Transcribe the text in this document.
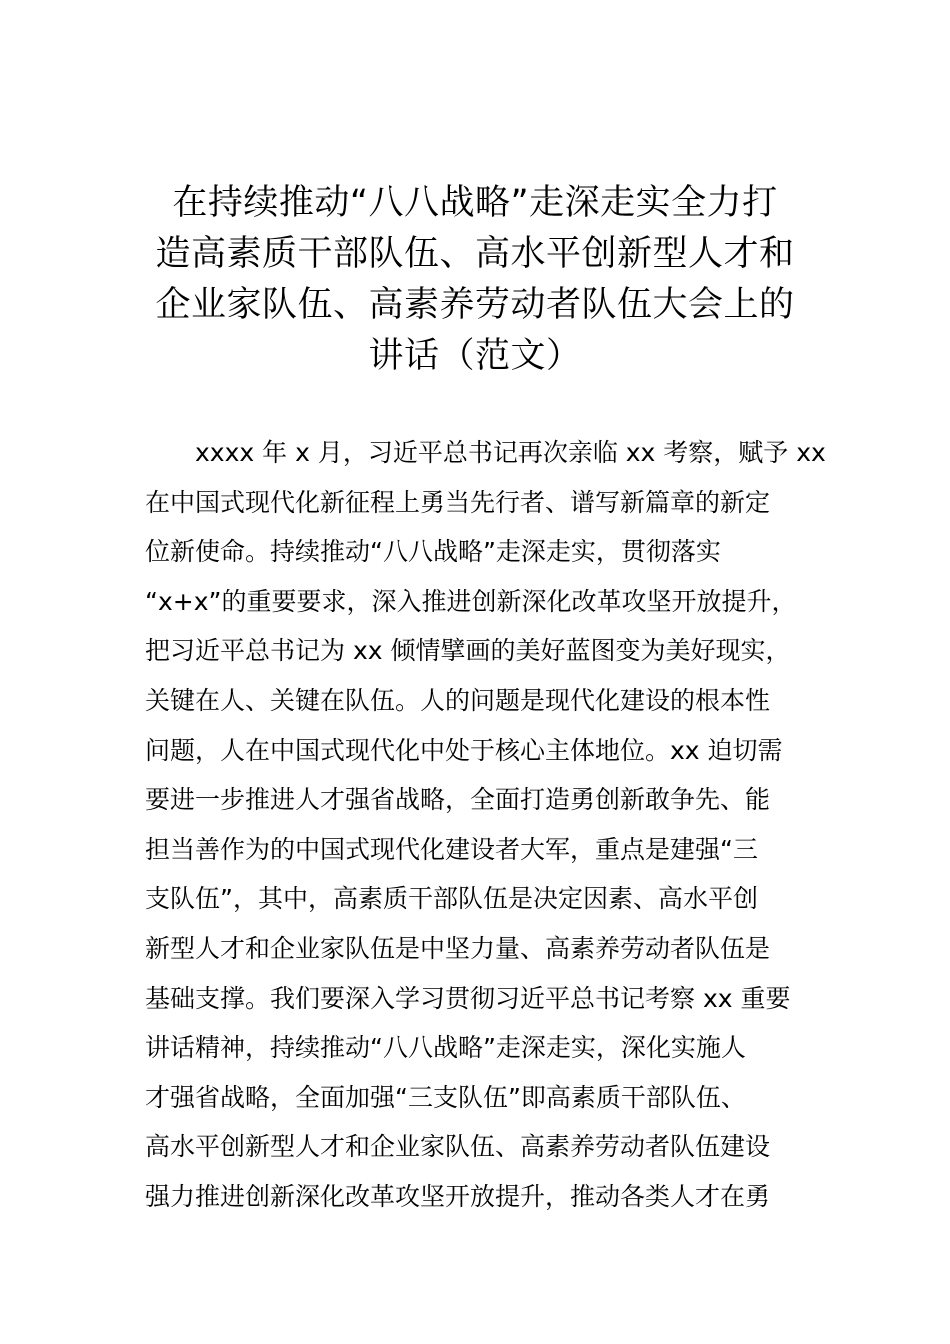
在持续推动“八八战略”走深走实全力打
造高素质干部队伍、高水平创新型人才和
企业家队伍、高素养劳动者队伍大会上的
讲话（范文）
xxxx 年 x 月，习近平总书记再次亲临 xx 考察，赋予 xx
在中国式现代化新征程上勇当先行者、谱写新篇章的新定
位新使命。持续推动“八八战略”走深走实，贯彻落实
“x+x”的重要要求，深入推进创新深化改革攻坚开放提升，
把习近平总书记为 xx 倾情擘画的美好蓝图变为美好现实，
关键在人、关键在队伍。人的问题是现代化建设的根本性
问题，人在中国式现代化中处于核心主体地位。xx 迫切需
要进一步推进人才强省战略，全面打造勇创新敢争先、能
担当善作为的中国式现代化建设者大军，重点是建强“三
支队伍”，其中，高素质干部队伍是决定因素、高水平创
新型人才和企业家队伍是中坚力量、高素养劳动者队伍是
基础支撑。我们要深入学习贯彻习近平总书记考察 xx 重要
讲话精神，持续推动“八八战略”走深走实，深化实施人
才强省战略，全面加强“三支队伍”即高素质干部队伍、
高水平创新型人才和企业家队伍、高素养劳动者队伍建设
强力推进创新深化改革攻坚开放提升，推动各类人才在勇
